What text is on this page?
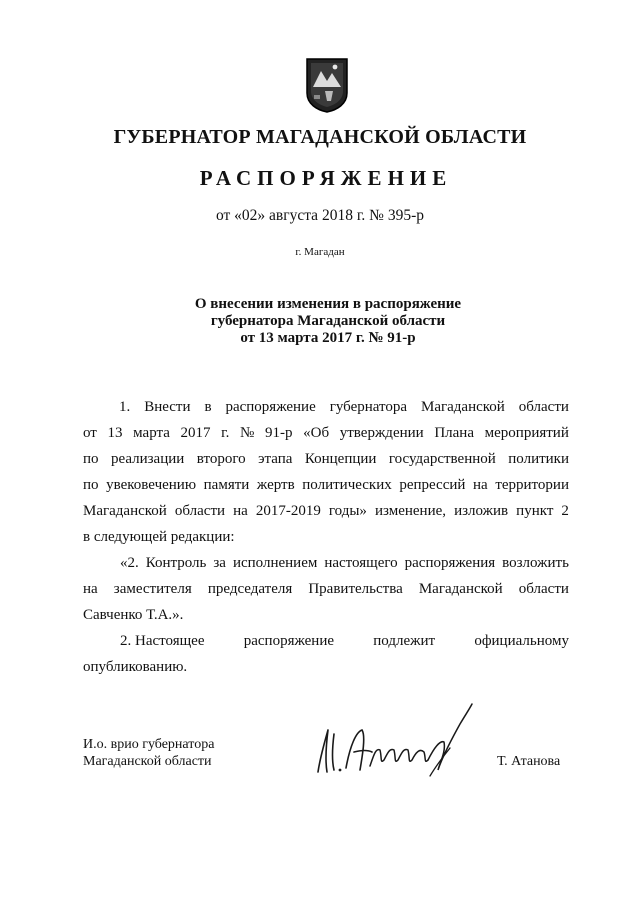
ГУБЕРНАТОР МАГАДАНСКОЙ ОБЛАСТИ
РАСПОРЯЖЕНИЕ
от «02» августа 2018 г. № 395-р
г. Магадан
О внесении изменения в распоряжение
губернатора Магаданской области
от 13 марта 2017 г. № 91-р
1. Внести в распоряжение губернатора Магаданской области
от 13 марта 2017 г. № 91-р «Об утверждении Плана мероприятий
по реализации второго этапа Концепции государственной политики
по увековечению памяти жертв политических репрессий на территории
Магаданской области на 2017-2019 годы» изменение, изложив пункт 2
в следующей редакции:
«2. Контроль за исполнением настоящего распоряжения возложить
на заместителя председателя Правительства Магаданской области
Савченко Т.А.».
2. Настоящее	распоряжение	подлежит	официальному
опубликованию.
И.о. врио губернатора
Магаданской области	Т. Атанова
